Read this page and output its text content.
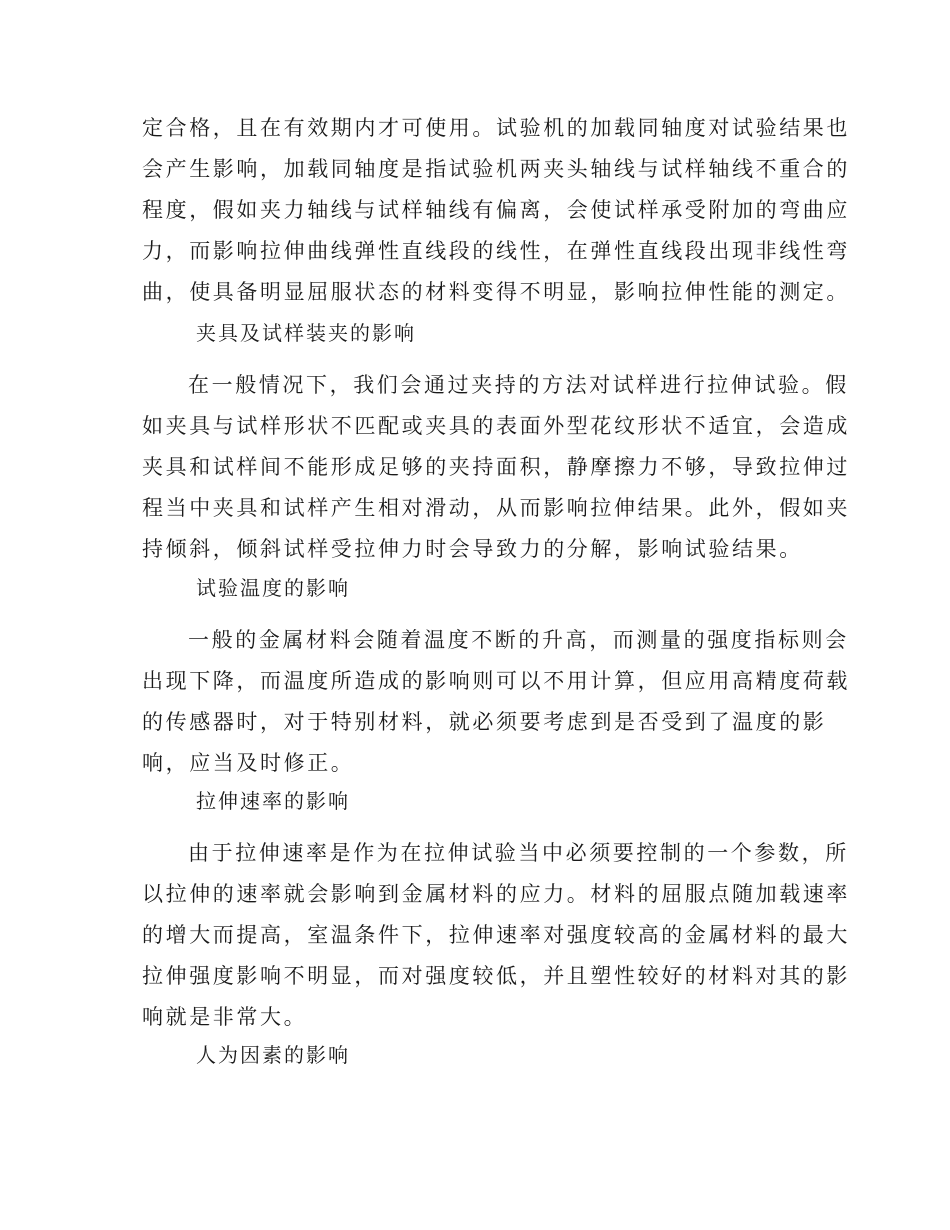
定合格，且在有效期内才可使用。试验机的加载同轴度对试验结果也

会产生影响，加载同轴度是指试验机两夹头轴线与试样轴线不重合的

程度，假如夹力轴线与试样轴线有偏离，会使试样承受附加的弯曲应

力，而影响拉伸曲线弹性直线段的线性，在弹性直线段出现非线性弯

曲，使具备明显屈服状态的材料变得不明显，影响拉伸性能的测定。

夹具及试样装夹的影响

在一般情况下，我们会通过夹持的方法对试样进行拉伸试验。假

如夹具与试样形状不匹配或夹具的表面外型花纹形状不适宜，会造成

夹具和试样间不能形成足够的夹持面积，静摩擦力不够，导致拉伸过

程当中夹具和试样产生相对滑动，从而影响拉伸结果。此外，假如夹

持倾斜，倾斜试样受拉伸力时会导致力的分解，影响试验结果。

试验温度的影响

一般的金属材料会随着温度不断的升高，而测量的强度指标则会

出现下降，而温度所造成的影响则可以不用计算，但应用高精度荷载

的传感器时，对于特别材料，就必须要考虑到是否受到了温度的影

响，应当及时修正。

拉伸速率的影响

由于拉伸速率是作为在拉伸试验当中必须要控制的一个参数，所

以拉伸的速率就会影响到金属材料的应力。材料的屈服点随加载速率

的增大而提高，室温条件下，拉伸速率对强度较高的金属材料的最大

拉伸强度影响不明显，而对强度较低，并且塑性较好的材料对其的影

响就是非常大。

人为因素的影响
